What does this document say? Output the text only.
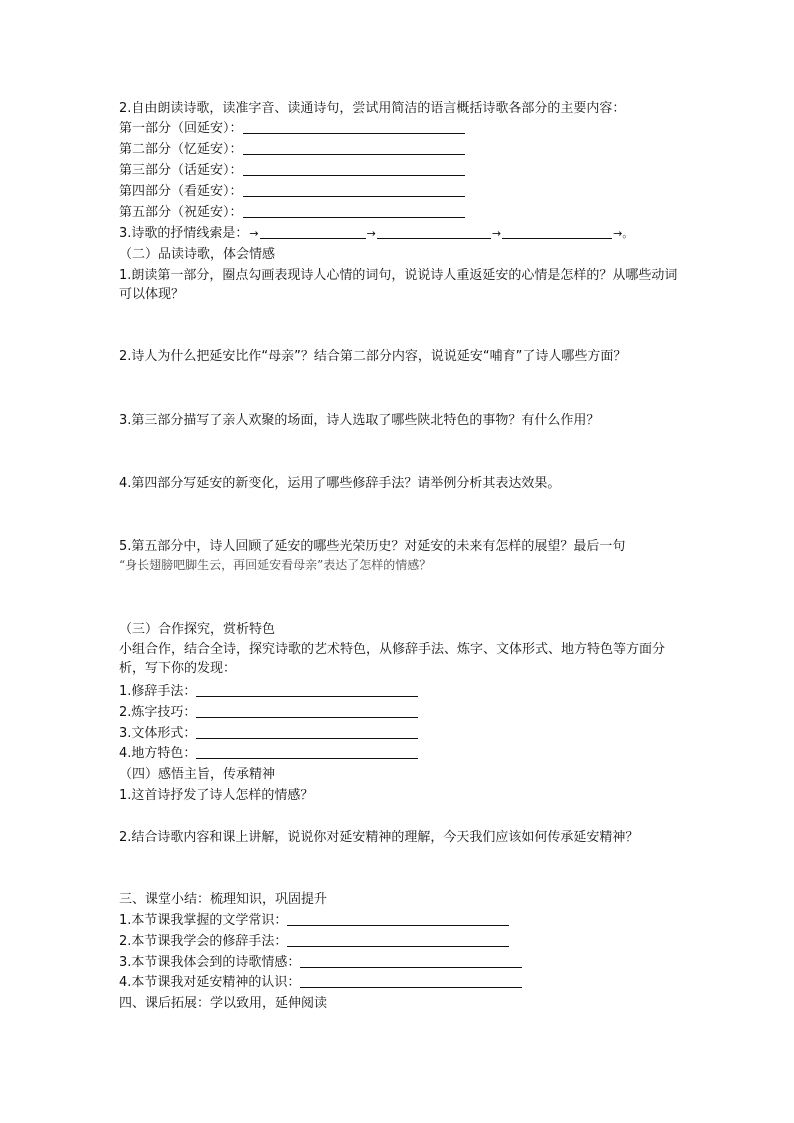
2.自由朗读诗歌，读准字音、读通诗句，尝试用简洁的语言概括诗歌各部分的主要内容：
第一部分（回延安）：
第二部分（忆延安）：
第三部分（话延安）：
第四部分（看延安）：
第五部分（祝延安）：
3.诗歌的抒情线索是：→	→	→	→。
（二）品读诗歌，体会情感
1.朗读第一部分，圈点勾画表现诗人心情的词句，说说诗人重返延安的心情是怎样的？从哪些动词可以体现？
2.诗人为什么把延安比作“母亲”？结合第二部分内容，说说延安“哺育”了诗人哪些方面？
3.第三部分描写了亲人欢聚的场面，诗人选取了哪些陕北特色的事物？有什么作用？
4.第四部分写延安的新变化，运用了哪些修辞手法？请举例分析其表达效果。
5.第五部分中，诗人回顾了延安的哪些光荣历史？对延安的未来有怎样的展望？最后一句
“身长翅膀吧脚生云，再回延安看母亲”表达了怎样的情感？
（三）合作探究，赏析特色
小组合作，结合全诗，探究诗歌的艺术特色，从修辞手法、炼字、文体形式、地方特色等方面分析，写下你的发现：
1.修辞手法：
2.炼字技巧：
3.文体形式：
4.地方特色：
（四）感悟主旨，传承精神
1.这首诗抒发了诗人怎样的情感？
2.结合诗歌内容和课上讲解，说说你对延安精神的理解，今天我们应该如何传承延安精神？
三、课堂小结：梳理知识，巩固提升
1.本节课我掌握的文学常识：
2.本节课我学会的修辞手法：
3.本节课我体会到的诗歌情感：
4.本节课我对延安精神的认识：
四、课后拓展：学以致用，延伸阅读
